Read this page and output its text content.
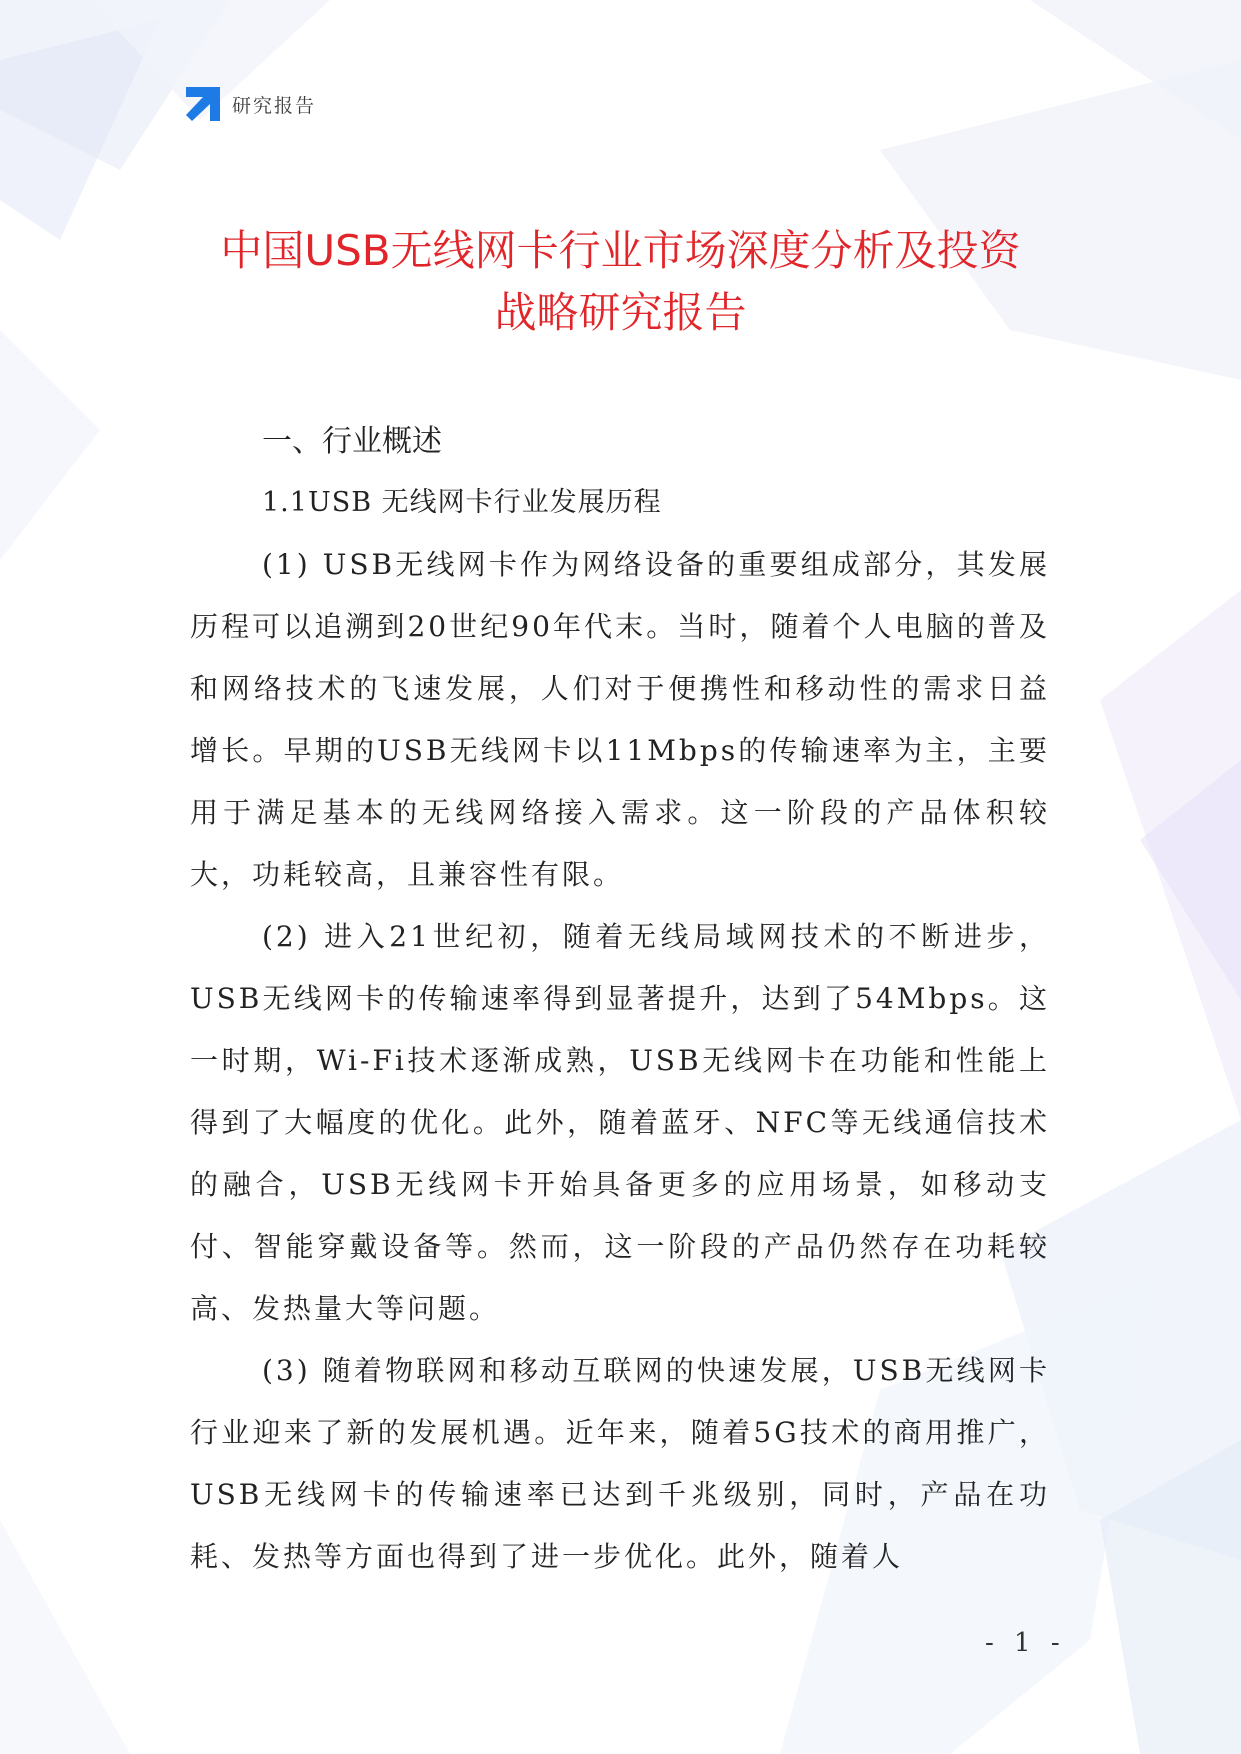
研究报告
中国USB无线网卡行业市场深度分析及投资
战略研究报告
一、行业概述
1.1USB 无线网卡行业发展历程

(1) USB无线网卡作为网络设备的重要组成部分，其发展历程可以追溯到20世纪90年代末。当时，随着个人电脑的普及和网络技术的飞速发展，人们对于便携性和移动性的需求日益增长。早期的USB无线网卡以11Mbps的传输速率为主，主要用于满足基本的无线网络接入需求。这一阶段的产品体积较大，功耗较高，且兼容性有限。

(2) 进入21世纪初，随着无线局域网技术的不断进步，USB无线网卡的传输速率得到显著提升，达到了54Mbps。这一时期，Wi-Fi技术逐渐成熟，USB无线网卡在功能和性能上得到了大幅度的优化。此外，随着蓝牙、NFC等无线通信技术的融合，USB无线网卡开始具备更多的应用场景，如移动支付、智能穿戴设备等。然而，这一阶段的产品仍然存在功耗较高、发热量大等问题。

(3) 随着物联网和移动互联网的快速发展，USB无线网卡行业迎来了新的发展机遇。近年来，随着5G技术的商用推广，USB无线网卡的传输速率已达到千兆级别，同时，产品在功耗、发热等方面也得到了进一步优化。此外，随着人

- 1 -
